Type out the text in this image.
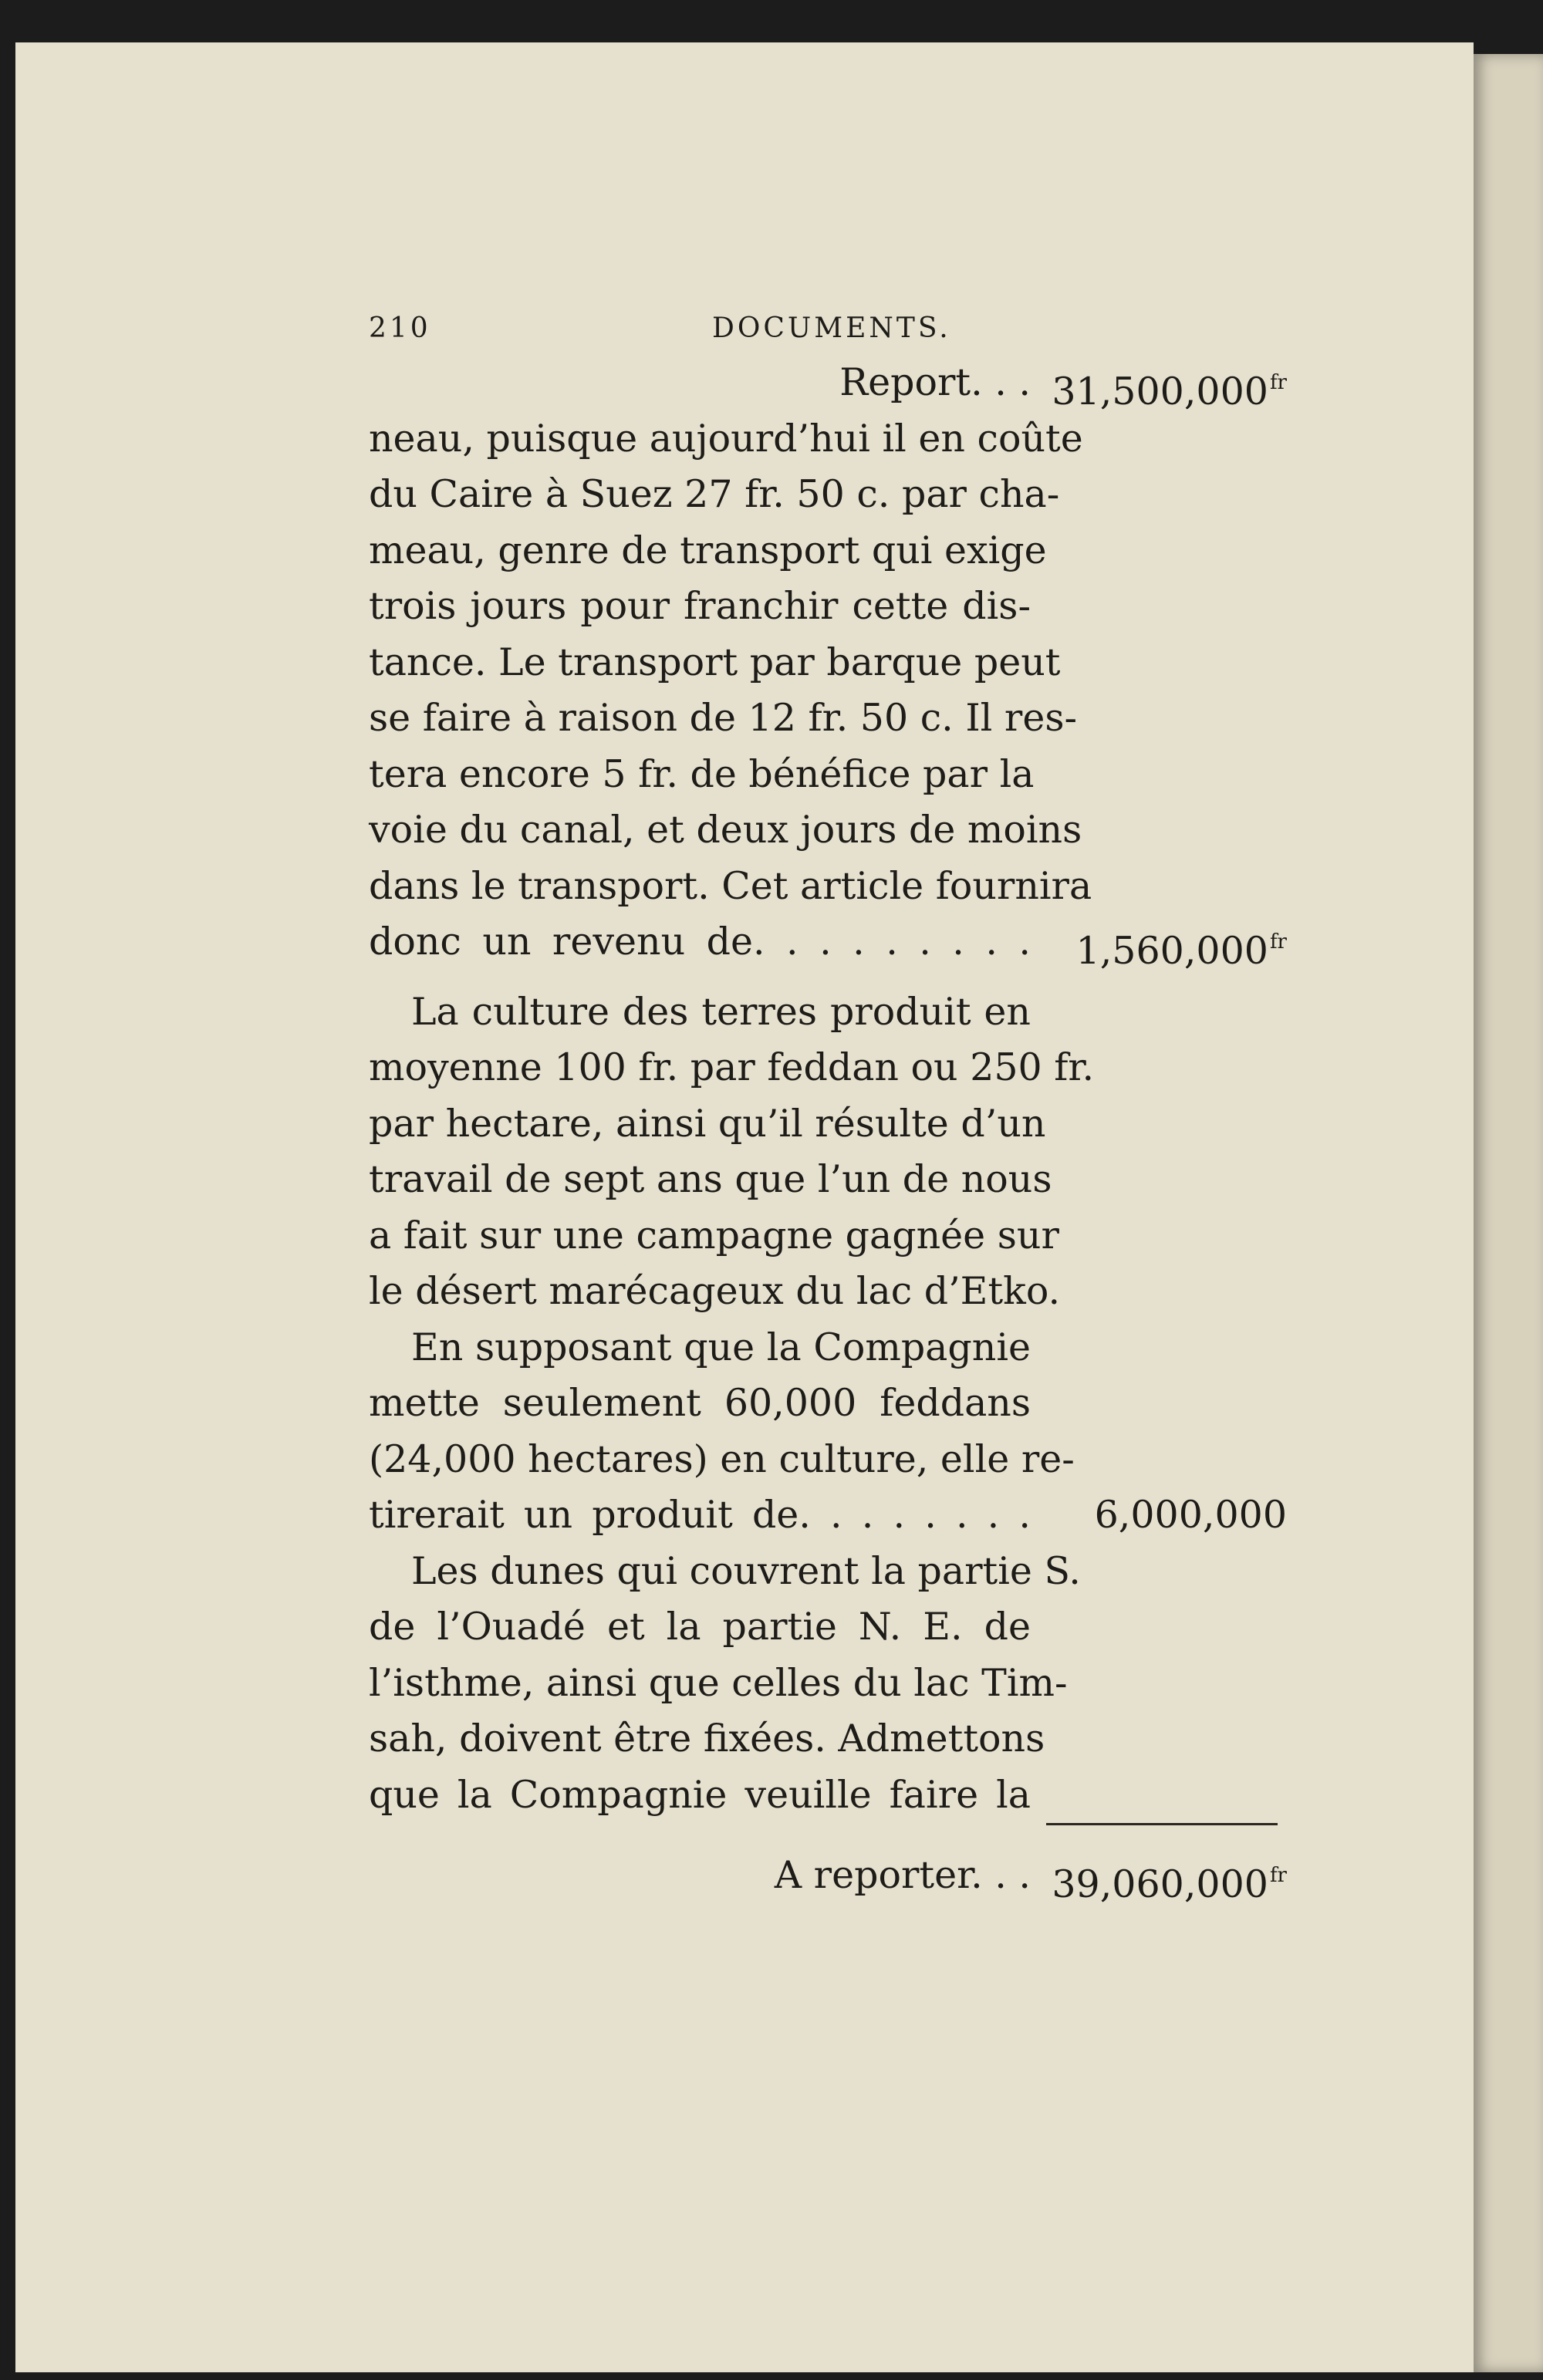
210	DOCUMENTS.
Report. . . $31,500,000^{fr}$
neau, puisque aujourd’hui il en coûte
du Caire à Suez 27 fr. 50 c. par cha-
meau, genre de transport qui exige
trois jours pour franchir cette dis-
tance. Le transport par barque peut
se faire à raison de 12 fr. 50 c. Il res-
tera encore 5 fr. de bénéfice par la
voie du canal, et deux jours de moins
dans le transport. Cet article fournira
donc un revenu de. . . . . . . . .	$1,560,000^{fr}$
La culture des terres produit en
moyenne 100 fr. par feddan ou 250 fr.
par hectare, ainsi qu’il résulte d’un
travail de sept ans que l’un de nous
a fait sur une campagne gagnée sur
le désert marécageux du lac d’Etko.
En supposant que la Compagnie
mette seulement 60,000 feddans
(24,000 hectares) en culture, elle re-
tirerait un produit de. . . . . . . .	6,000,000
Les dunes qui couvrent la partie S.
de l’Ouadé et la partie N. E. de
l’isthme, ainsi que celles du lac Tim-
sah, doivent être fixées. Admettons
que la Compagnie veuille faire la
A reporter. . . $39,060,000^{fr}$
